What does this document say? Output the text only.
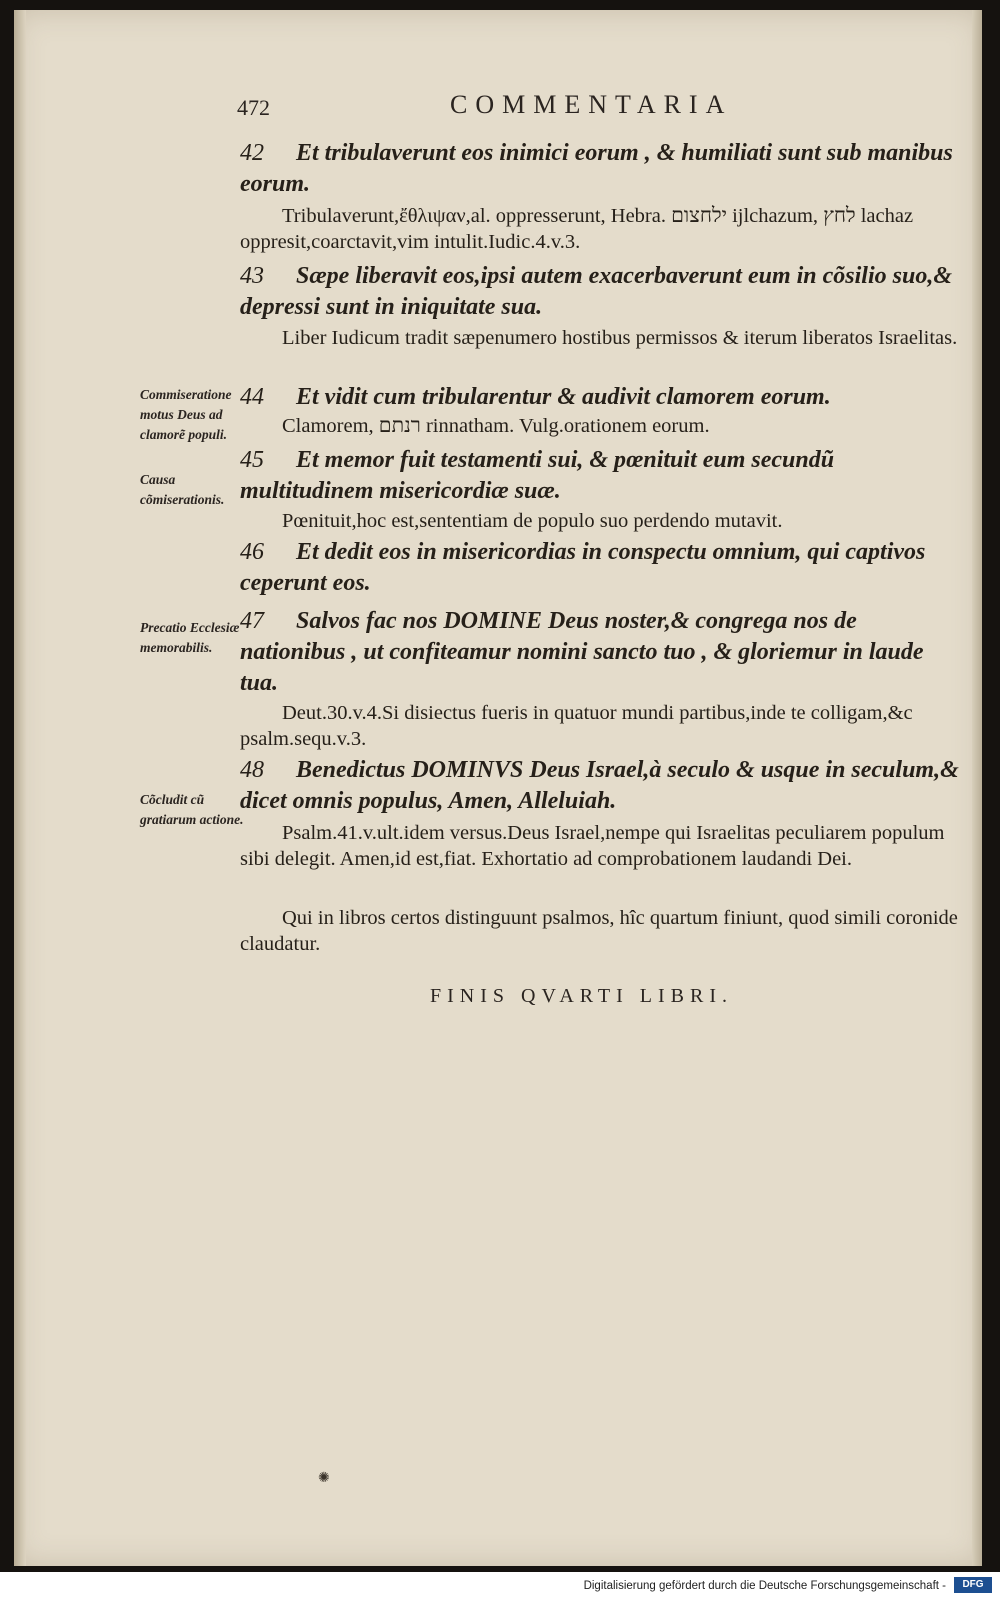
472	COMMENTARIA
42 Et tribulaverunt eos inimici eorum , & humiliati sunt sub manibus eorum.
Tribulaverunt,ἔθλιψαν,al. oppresserunt, Hebra. ילחצום ijlchazum, לחץ lachaz oppresit,coarctavit,vim intulit.Iudic.4.v.3.
43 Sæpe liberavit eos,ipsi autem exacerbaverunt eum in cõsilio suo,& depressi sunt in iniquitate sua.
Liber Iudicum tradit sæpenumero hostibus permissos & iterum liberatos Israelitas.
44 Et vidit cum tribularentur & audivit clamorem eorum.
Clamorem, רנתם rinnatham. Vulg.orationem eorum.
45 Et memor fuit testamenti sui, & pœnituit eum secundũ multitudinem misericordiæ suæ.
Pœnituit,hoc est,sententiam de populo suo perdendo mutavit.
46 Et dedit eos in misericordias in conspectu omnium, qui captivos ceperunt eos.
47 Salvos fac nos DOMINE Deus noster,& congrega nos de nationibus , ut confiteamur nomini sancto tuo , & gloriemur in laude tua.
Deut.30.v.4.Si disiectus fueris in quatuor mundi partibus,inde te colligam,&c psalm.sequ.v.3.
48 Benedictus DOMINVS Deus Israel,à seculo & usque in seculum,& dicet omnis populus, Amen, Alleluiah.
Psalm.41.v.ult.idem versus.Deus Israel,nempe qui Israelitas peculiarem populum sibi delegit. Amen,id est,fiat. Exhortatio ad comprobationem laudandi Dei.
Qui in libros certos distinguunt psalmos, hîc quartum finiunt, quod simili coronide claudatur.
Commiseratione motus Deus ad clamorẽ populi.
Causa cõmiserationis.
Precatio Ecclesiæ memorabilis.
Cõcludit cũ gratiarum actione.
FINIS QVARTI LIBRI.
✺
Digitalisierung gefördert durch die Deutsche Forschungsgemeinschaft -	DFG
